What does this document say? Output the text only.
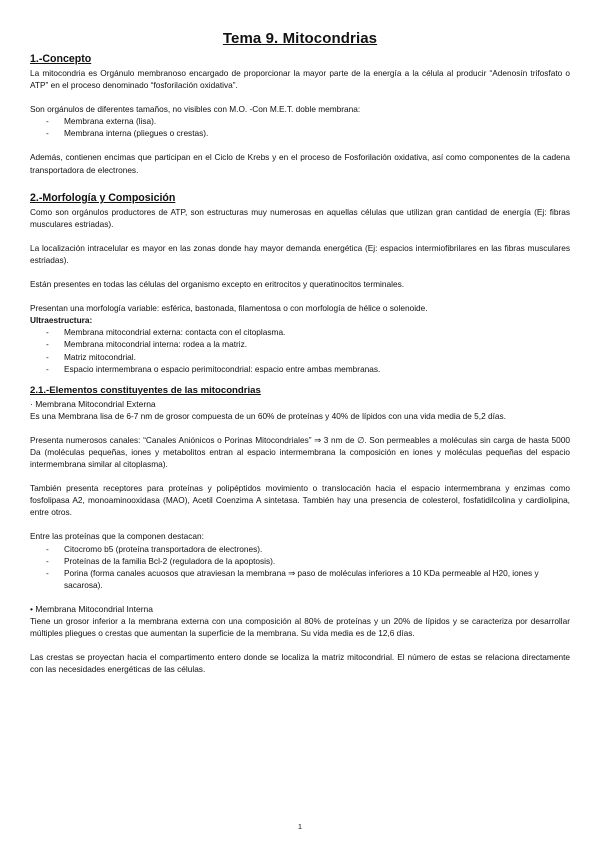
Tema 9. Mitocondrias
1.-Concepto

La mitocondria es Orgánulo membranoso encargado de proporcionar la mayor parte de la energía a la célula al producir “Adenosín trifosfato o ATP” en el proceso denominado “fosforilación oxidativa”.

Son orgánulos de diferentes tamaños, no visibles con M.O. -Con M.E.T. doble membrana:

- Membrana externa (lisa).
- Membrana interna (pliegues o crestas).

Además, contienen encimas que participan en el Ciclo de Krebs y en el proceso de Fosforilación oxidativa, así como componentes de la cadena transportadora de electrones.

2.-Morfología y Composición

Como son orgánulos productores de ATP, son estructuras muy numerosas en aquellas células que utilizan gran cantidad de energía (Ej: fibras musculares estriadas).

La localización intracelular es mayor en las zonas donde hay mayor demanda energética (Ej: espacios intermiofibrilares en las fibras musculares estriadas).

Están presentes en todas las células del organismo excepto en eritrocitos y queratinocitos terminales.

Presentan una morfología variable: esférica, bastonada, filamentosa o con morfología de hélice o solenoide.

Ultraestructura:

- Membrana mitocondrial externa: contacta con el citoplasma.
- Membrana mitocondrial interna: rodea a la matriz.
- Matriz mitocondrial.
- Espacio intermembrana o espacio perimitocondrial: espacio entre ambas membranas.
2.1.-Elementos constituyentes de las mitocondrias

· Membrana Mitocondrial Externa

Es una Membrana lisa de 6-7 nm de grosor compuesta de un 60% de proteínas y 40% de lípidos con una vida media de 5,2 días.

Presenta numerosos canales: “Canales Aniónicos o Porinas Mitocondriales” ⇒ 3 nm de ∅. Son permeables a moléculas sin carga de hasta 5000 Da (moléculas pequeñas, iones y metabolitos entran al espacio intermembrana la composición en iones y moléculas pequeñas del espacio intermembrana similar al citoplasma).

También presenta receptores para proteínas y polipéptidos movimiento o translocación hacia el espacio intermembrana y enzimas como fosfolipasa A2, monoaminooxidasa (MAO), Acetil Coenzima A sintetasa. También hay una presencia de colesterol, fosfatidilcolina y cardiolipina, entre otros.

Entre las proteínas que la componen destacan:

- Citocromo b5 (proteína transportadora de electrones).
- Proteínas de la familia Bcl-2 (reguladora de la apoptosis).
- Porina (forma canales acuosos que atraviesan la membrana ⇒ paso de moléculas inferiores a 10 KDa permeable al H20, iones y sacarosa).

• Membrana Mitocondrial Interna

Tiene un grosor inferior a la membrana externa con una composición al 80% de proteínas y un 20% de lípidos y se caracteriza por desarrollar múltiples pliegues o crestas que aumentan la superficie de la membrana. Su vida media es de 12,6 días.

Las crestas se proyectan hacia el compartimento entero donde se localiza la matriz mitocondrial. El número de estas se relaciona directamente con las necesidades energéticas de las células.

1
